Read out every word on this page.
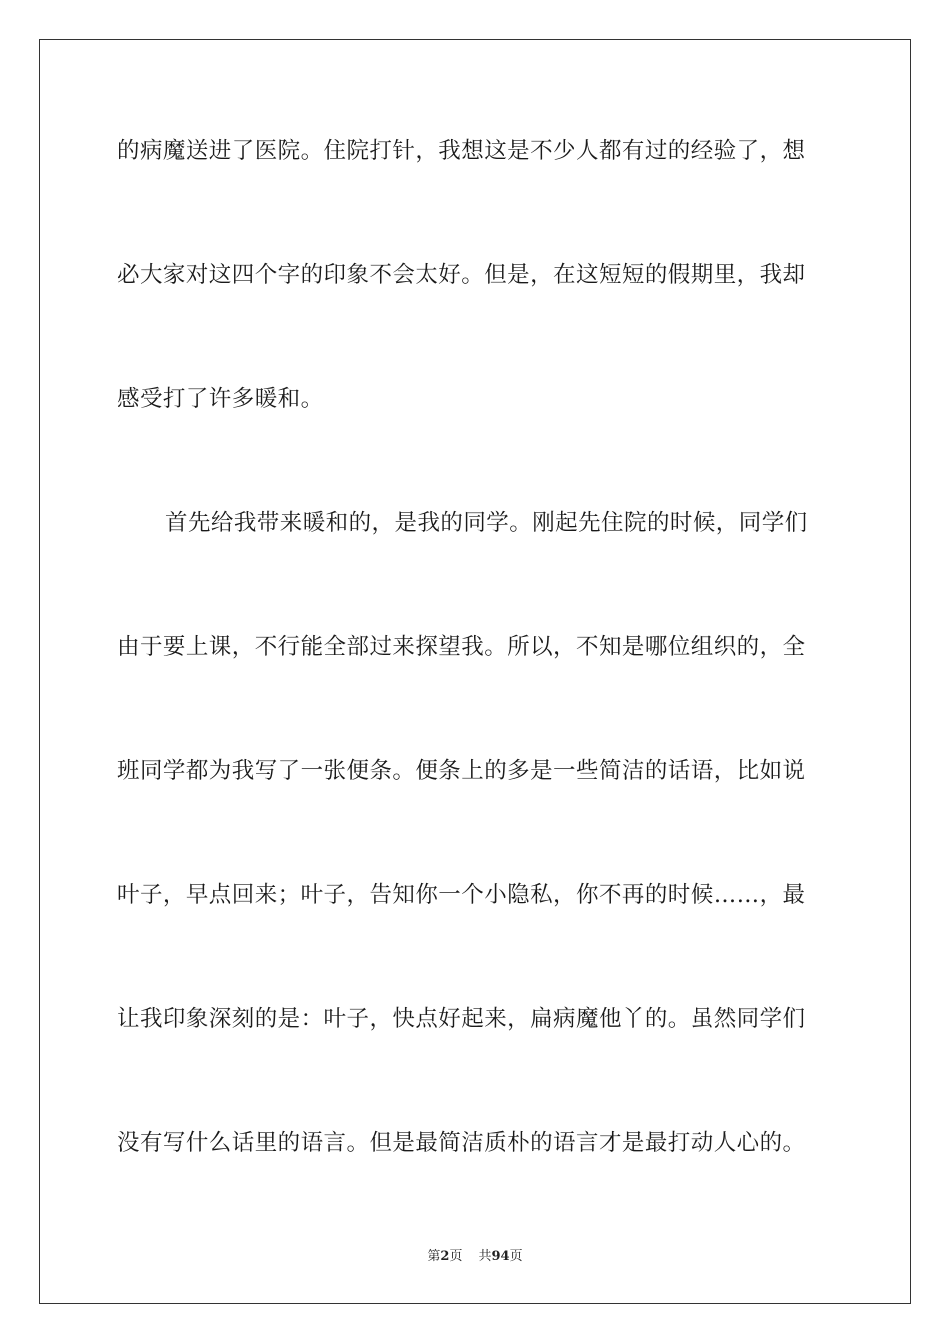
的病魔送进了医院。住院打针，我想这是不少人都有过的经验了，想
必大家对这四个字的印象不会太好。但是，在这短短的假期里，我却
感受打了许多暖和。
首先给我带来暖和的，是我的同学。刚起先住院的时候，同学们
由于要上课，不行能全部过来探望我。所以，不知是哪位组织的，全
班同学都为我写了一张便条。便条上的多是一些简洁的话语，比如说
叶子，早点回来；叶子，告知你一个小隐私，你不再的时候……，最
让我印象深刻的是：叶子，快点好起来，扁病魔他丫的。虽然同学们
没有写什么话里的语言。但是最简洁质朴的语言才是最打动人心的。
第2页 共94页
